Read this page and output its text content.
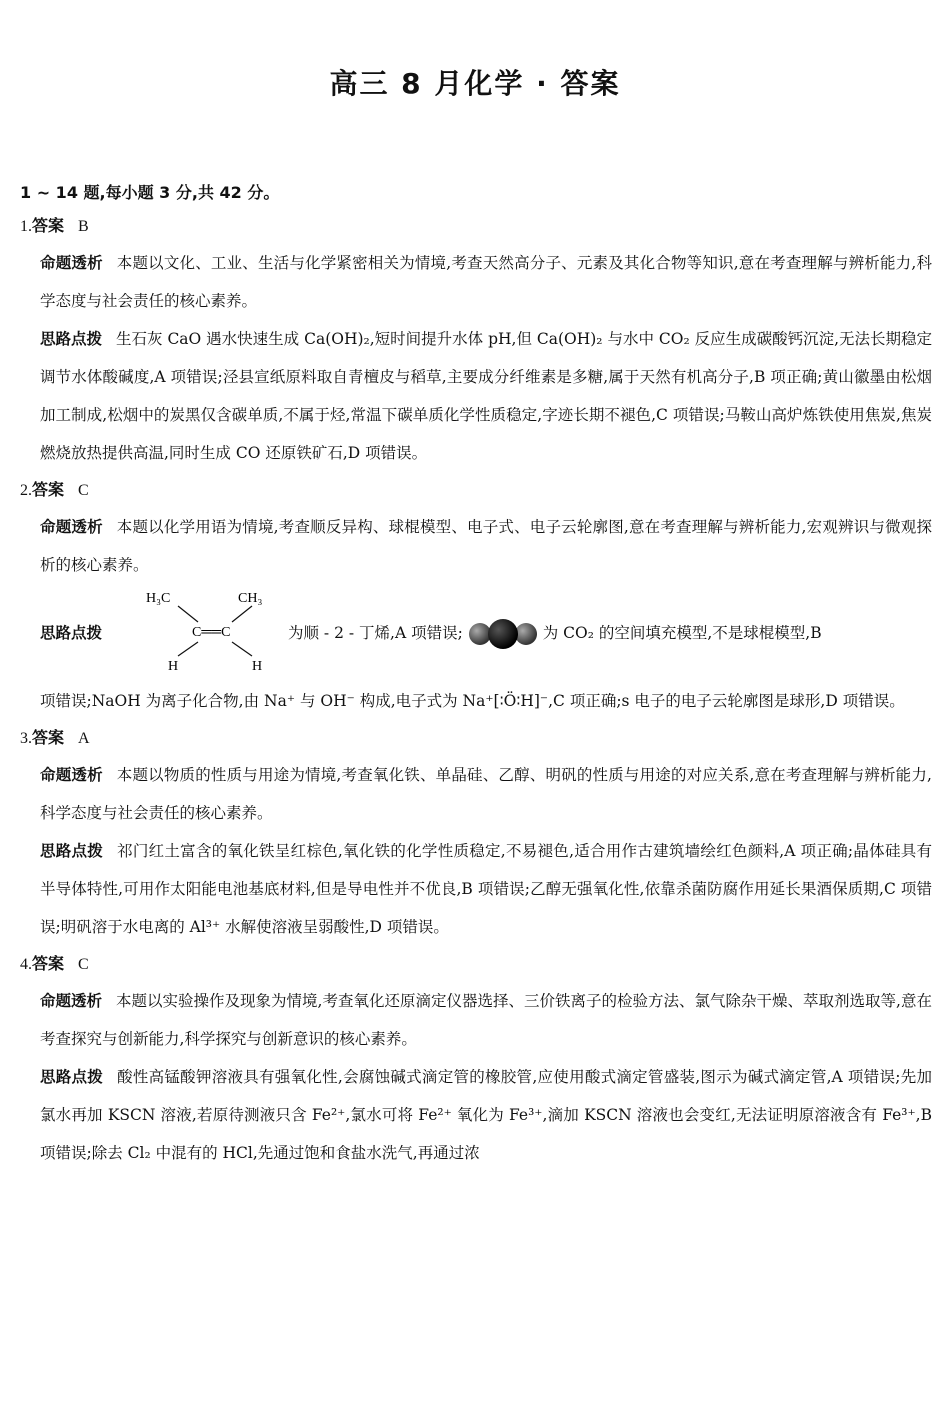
高三 8 月化学 · 答案
1 ~ 14 题,每小题 3 分,共 42 分。
1.答案 B
命题透析 本题以文化、工业、生活与化学紧密相关为情境,考查天然高分子、元素及其化合物等知识,意在考查理解与辨析能力,科学态度与社会责任的核心素养。
思路点拨 生石灰 CaO 遇水快速生成 Ca(OH)₂,短时间提升水体 pH,但 Ca(OH)₂ 与水中 CO₂ 反应生成碳酸钙沉淀,无法长期稳定调节水体酸碱度,A 项错误;泾县宣纸原料取自青檀皮与稻草,主要成分纤维素是多糖,属于天然有机高分子,B 项正确;黄山徽墨由松烟加工制成,松烟中的炭黑仅含碳单质,不属于烃,常温下碳单质化学性质稳定,字迹长期不褪色,C 项错误;马鞍山高炉炼铁使用焦炭,焦炭燃烧放热提供高温,同时生成 CO 还原铁矿石,D 项错误。
2.答案 C
命题透析 本题以化学用语为情境,考查顺反异构、球棍模型、电子式、电子云轮廓图,意在考查理解与辨析能力,宏观辨识与微观探析的核心素养。
思路点拨
H₃C	CH₃
C══C
H	H
为顺 - 2 - 丁烯,A 项错误;	为 CO₂ 的空间填充模型,不是球棍模型,B
项错误;NaOH 为离子化合物,由 Na⁺ 与 OH⁻ 构成,电子式为 Na⁺[∶Ö∶H]⁻,C 项正确;s 电子的电子云轮廓图是球形,D 项错误。
3.答案 A
命题透析 本题以物质的性质与用途为情境,考查氧化铁、单晶硅、乙醇、明矾的性质与用途的对应关系,意在考查理解与辨析能力,科学态度与社会责任的核心素养。
思路点拨 祁门红土富含的氧化铁呈红棕色,氧化铁的化学性质稳定,不易褪色,适合用作古建筑墙绘红色颜料,A 项正确;晶体硅具有半导体特性,可用作太阳能电池基底材料,但是导电性并不优良,B 项错误;乙醇无强氧化性,依靠杀菌防腐作用延长果酒保质期,C 项错误;明矾溶于水电离的 Al³⁺ 水解使溶液呈弱酸性,D 项错误。
4.答案 C
命题透析 本题以实验操作及现象为情境,考查氧化还原滴定仪器选择、三价铁离子的检验方法、氯气除杂干燥、萃取剂选取等,意在考查探究与创新能力,科学探究与创新意识的核心素养。
思路点拨 酸性高锰酸钾溶液具有强氧化性,会腐蚀碱式滴定管的橡胶管,应使用酸式滴定管盛装,图示为碱式滴定管,A 项错误;先加氯水再加 KSCN 溶液,若原待测液只含 Fe²⁺,氯水可将 Fe²⁺ 氧化为 Fe³⁺,滴加 KSCN 溶液也会变红,无法证明原溶液含有 Fe³⁺,B 项错误;除去 Cl₂ 中混有的 HCl,先通过饱和食盐水洗气,再通过浓
